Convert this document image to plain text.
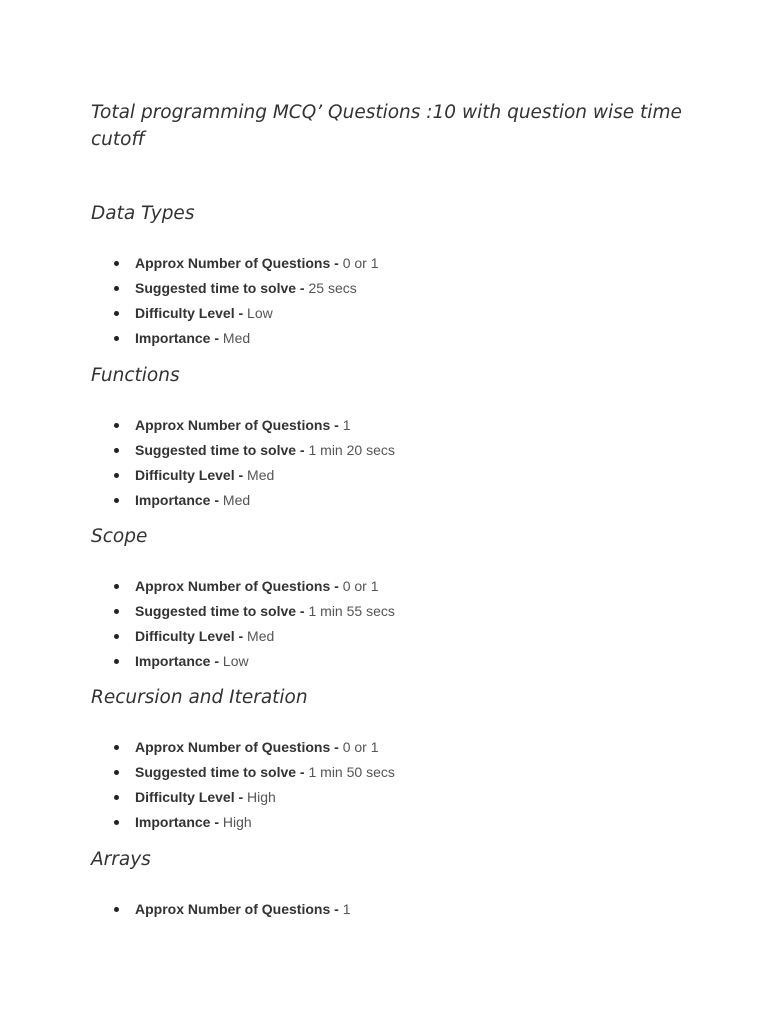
Total programming MCQ’ Questions :10 with question wise time cutoff
Data Types
Approx Number of Questions - 0 or 1
Suggested time to solve - 25 secs
Difficulty Level - Low
Importance - Med
Functions
Approx Number of Questions - 1
Suggested time to solve - 1 min 20 secs
Difficulty Level - Med
Importance - Med
Scope
Approx Number of Questions - 0 or 1
Suggested time to solve - 1 min 55 secs
Difficulty Level - Med
Importance - Low
Recursion and Iteration
Approx Number of Questions - 0 or 1
Suggested time to solve - 1 min 50 secs
Difficulty Level - High
Importance - High
Arrays
Approx Number of Questions - 1
